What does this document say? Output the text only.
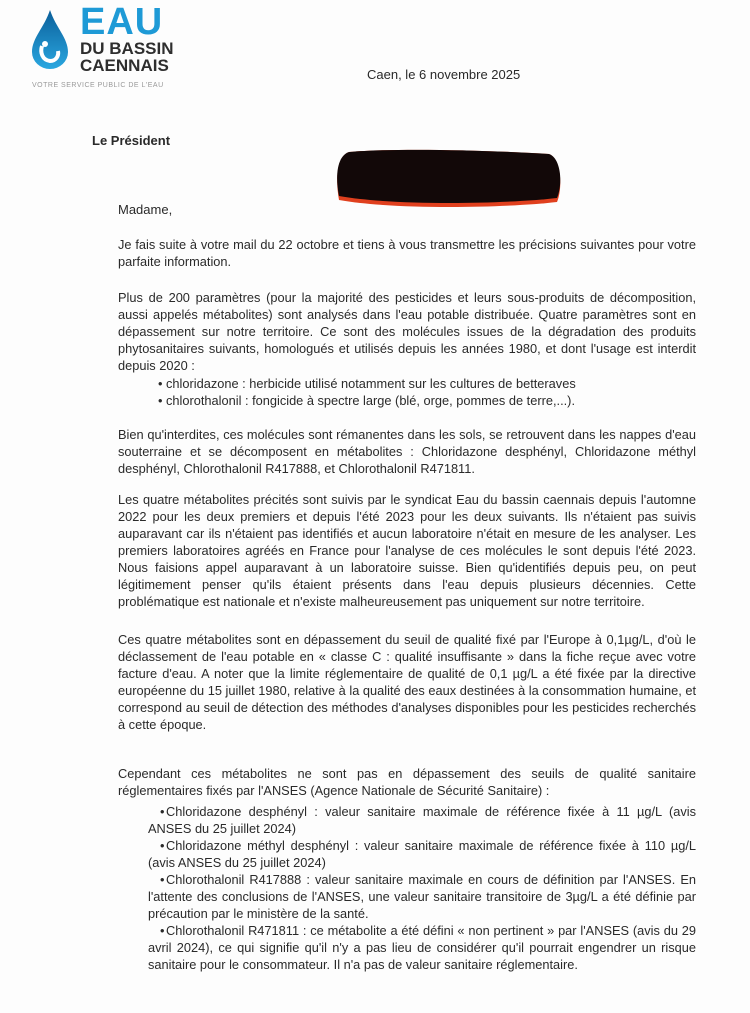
EAU
DU BASSIN
CAENNAIS
VOTRE SERVICE PUBLIC DE L'EAU
Caen, le 6 novembre 2025
Le Président
Madame,

Je fais suite à votre mail du 22 octobre et tiens à vous transmettre les précisions suivantes pour votre parfaite information.

Plus de 200 paramètres (pour la majorité des pesticides et leurs sous-produits de décomposition, aussi appelés métabolites) sont analysés dans l'eau potable distribuée. Quatre paramètres sont en dépassement sur notre territoire. Ce sont des molécules issues de la dégradation des produits phytosanitaires suivants, homologués et utilisés depuis les années 1980, et dont l'usage est interdit depuis 2020 :

• chloridazone : herbicide utilisé notamment sur les cultures de betteraves
• chlorothalonil : fongicide à spectre large (blé, orge, pommes de terre,...).

Bien qu'interdites, ces molécules sont rémanentes dans les sols, se retrouvent dans les nappes d'eau souterraine et se décomposent en métabolites : Chloridazone desphényl, Chloridazone méthyl desphényl, Chlorothalonil R417888, et Chlorothalonil R471811.

Les quatre métabolites précités sont suivis par le syndicat Eau du bassin caennais depuis l'automne 2022 pour les deux premiers et depuis l'été 2023 pour les deux suivants. Ils n'étaient pas suivis auparavant car ils n'étaient pas identifiés et aucun laboratoire n'était en mesure de les analyser. Les premiers laboratoires agréés en France pour l'analyse de ces molécules le sont depuis l'été 2023. Nous faisions appel auparavant à un laboratoire suisse. Bien qu'identifiés depuis peu, on peut légitimement penser qu'ils étaient présents dans l'eau depuis plusieurs décennies. Cette problématique est nationale et n'existe malheureusement pas uniquement sur notre territoire.

Ces quatre métabolites sont en dépassement du seuil de qualité fixé par l'Europe à 0,1µg/L, d'où le déclassement de l'eau potable en « classe C : qualité insuffisante » dans la fiche reçue avec votre facture d'eau. A noter que la limite réglementaire de qualité de 0,1 µg/L a été fixée par la directive européenne du 15 juillet 1980, relative à la qualité des eaux destinées à la consommation humaine, et correspond au seuil de détection des méthodes d'analyses disponibles pour les pesticides recherchés à cette époque.

Cependant ces métabolites ne sont pas en dépassement des seuils de qualité sanitaire réglementaires fixés par l'ANSES (Agence Nationale de Sécurité Sanitaire) :

• Chloridazone desphényl : valeur sanitaire maximale de référence fixée à 11 µg/L (avis ANSES du 25 juillet 2024)
• Chloridazone méthyl desphényl : valeur sanitaire maximale de référence fixée à 110 µg/L (avis ANSES du 25 juillet 2024)
• Chlorothalonil R417888 : valeur sanitaire maximale en cours de définition par l'ANSES. En l'attente des conclusions de l'ANSES, une valeur sanitaire transitoire de 3µg/L a été définie par précaution par le ministère de la santé.
• Chlorothalonil R471811 : ce métabolite a été défini « non pertinent » par l'ANSES (avis du 29 avril 2024), ce qui signifie qu'il n'y a pas lieu de considérer qu'il pourrait engendrer un risque sanitaire pour le consommateur. Il n'a pas de valeur sanitaire réglementaire.
